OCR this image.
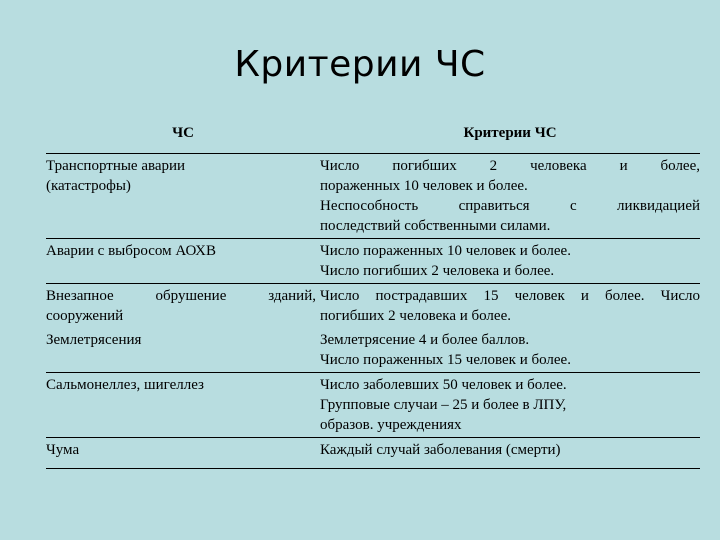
Критерии ЧС
ЧС	Критерии ЧС

Транспортные аварии
(катастрофы)	Число погибших 2 человека и более,
пораженных 10 человек и более.
Неспособность справиться с ликвидацией
последствий собственными силами.

Аварии с выбросом АОХВ	Число пораженных 10 человек и более.
Число погибших 2 человека и более.

Внезапное обрушение зданий,
сооружений	Число пострадавших 15 человек и более. Число
погибших 2 человека и более.

Землетрясения	Землетрясение 4 и более баллов.
Число пораженных 15 человек и более.

Сальмонеллез, шигеллез	Число заболевших 50 человек и более.
Групповые случаи – 25 и более в ЛПУ,
образов. учреждениях

Чума	Каждый случай заболевания (смерти)
